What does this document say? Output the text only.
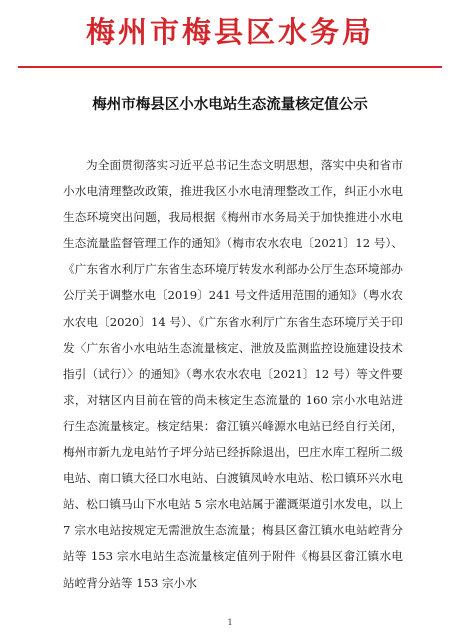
梅州市梅县区水务局
梅州市梅县区小水电站生态流量核定值公示

为全面贯彻落实习近平总书记生态文明思想，落实中央和省市小水电清理整改政策，推进我区小水电清理整改工作，纠正小水电生态环境突出问题，我局根据《梅州市水务局关于加快推进小水电生态流量监督管理工作的通知》（梅市农水农电〔2021〕12 号）、《广东省水利厅广东省生态环境厅转发水利部办公厅生态环境部办公厅关于调整水电〔2019〕241 号文件适用范围的通知》（粤水农水农电〔2020〕14 号）、《广东省水利厅广东省生态环境厅关于印发〈广东省小水电站生态流量核定、泄放及监测监控设施建设技术指引（试行）〉的通知》（粤水农水农电〔2021〕12 号）等文件要求，对辖区内目前在管的尚未核定生态流量的 160 宗小水电站进行生态流量核定。核定结果：畲江镇兴峰源水电站已经自行关闭，梅州市新九龙电站竹子坪分站已经拆除退出，巴庄水库工程所二级电站、南口镇大径口水电站、白渡镇凤岭水电站、松口镇环兴水电站、松口镇马山下水电站 5 宗水电站属于灌溉渠道引水发电，以上 7 宗水电站按规定无需泄放生态流量；梅县区畲江镇水电站崆背分站等 153 宗水电站生态流量核定值列于附件《梅县区畲江镇水电站崆背分站等 153 宗小水

1
